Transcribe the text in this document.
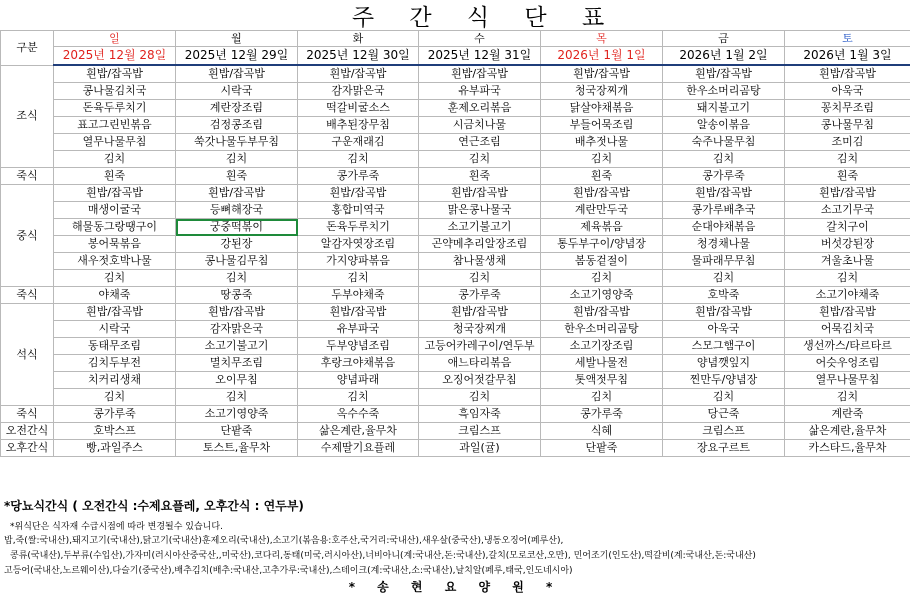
주 간 식 단 표
구분	일	월	화	수	목	금	토
	2025년 12월 28일	2025년 12월 29일	2025년 12월 30일	2025년 12월 31일	2026년 1월 1일	2026년 1월 2일	2026년 1월 3일
조식	흰밥/잡곡밥	흰밥/잡곡밥	흰밥/잡곡밥	흰밥/잡곡밥	흰밥/잡곡밥	흰밥/잡곡밥	흰밥/잡곡밥
	콩나물김치국	시락국	감자맑은국	유부파국	청국장찌개	한우소머리곰탕	아욱국
	돈육두루치기	계란장조림	떡갈비굴소스	훈제오리볶음	닭살야채볶음	돼지불고기	꽁치무조림
	표고그린빈볶음	검정콩조림	배추된장무침	시금치나물	부들어묵조림	알송이볶음	콩나물무침
	열무나물무침	쑥갓나물두부무침	구운재래김	연근조림	배추젓나물	숙주나물무침	조미김
	김치	김치	김치	김치	김치	김치	김치
죽식	흰죽	흰죽	콩가루죽	흰죽	흰죽	콩가루죽	흰죽
중식	흰밥/잡곡밥	흰밥/잡곡밥	흰밥/잡곡밥	흰밥/잡곡밥	흰밥/잡곡밥	흰밥/잡곡밥	흰밥/잡곡밥
	매생이굴국	등뼈해장국	홍합미역국	맑은콩나물국	계란만두국	콩가루배추국	소고기무국
	해물동그랑땡구이	궁중떡볶이	돈육두루치기	소고기불고기	제육볶음	순대야채볶음	갈치구이
	봉어묵볶음	강된장	알감자엿장조림	곤약메추리알장조림	통두부구이/양념장	청경채나물	버섯강된장
	새우젓호박나물	콩나물김무침	가지양파볶음	참나물생채	봄동겉절이	물파래무무침	겨울초나물
	김치	김치	김치	김치	김치	김치	김치
죽식	야채죽	땅콩죽	두부야채죽	콩가루죽	소고기영양죽	호박죽	소고기야채죽
석식	흰밥/잡곡밥	흰밥/잡곡밥	흰밥/잡곡밥	흰밥/잡곡밥	흰밥/잡곡밥	흰밥/잡곡밥	흰밥/잡곡밥
	시락국	감자맑은국	유부파국	청국장찌개	한우소머리곰탕	아욱국	어묵김치국
	동태무조림	소고기불고기	두부양념조림	고등어카레구이/연두부	소고기장조림	스모그햄구이	생선까스/타르타르
	김치두부전	멸치무조림	후랑크야채볶음	애느타리볶음	세발나물전	양념깻잎지	어슷우엉조림
	치커리생채	오이무침	양념파래	오징어젓갈무침	톳액젓무침	찐만두/양념장	열무나물무침
	김치	김치	김치	김치	김치	김치	김치
죽식	콩가루죽	소고기영양죽	옥수수죽	흑임자죽	콩가루죽	당근죽	계란죽
오전간식	호박스프	단팥죽	삶은계란,율무차	크림스프	식혜	크림스프	삶은계란,율무차
오후간식	빵,과일주스	토스트,율무차	수제딸기요플레	과일(귤)	단팥죽	장요구르트	카스타드,율무차
*당뇨식간식 ( 오전간식 :수제요플레, 오후간식 : 연두부)
*위식단은 식자재 수급시점에 따라 변경될수 있습니다.
밥,죽(쌀:국내산),돼지고기(국내산),닭고기(국내산)훈제오리(국내산),소고기(볶음용:호주산,국거리:국내산),새우살(중국산),냉동오징어(페루산),
콩류(국내산),두부류(수입산),가자미(러시아산중국산,,미국산),코다리,동태(미국,러시아산),너비아니(계:국내산,돈:국내산),갈치(모로코산,오만), 민어조기(인도산),떡갈비(계:국내산,돈:국내산)
고등어(국내산,노르웨이산),다슬기(중국산),배추김치(배추:국내산,고추가루:국내산),스테이크(계:국내산,소:국내산),날치알(페루,태국,인도네시아)
* 송 현 요 양 원 *
